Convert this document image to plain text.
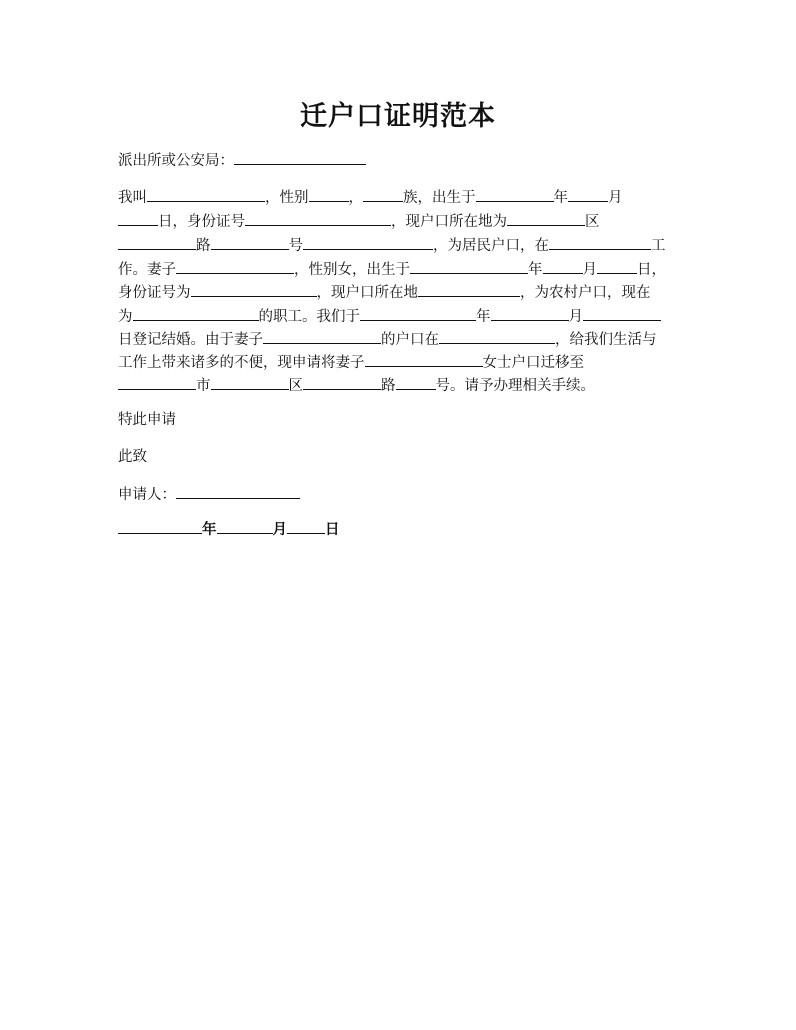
迁户口证明范本
派出所或公安局：
我叫	，性别	，	族，出生于	年	月
日，身份证号	，现户口所在地为	区
路	号	，为居民户口，在	工
作。妻子	，性别女，出生于	年	月	日，
身份证号为	，现户口所在地	，为农村户口，现在
为	的职工。我们于	年	月
日登记结婚。由于妻子	的户口在	，给我们生活与
工作上带来诸多的不便，现申请将妻子	女士户口迁移至
市	区	路	号。请予办理相关手续。
特此申请
此致
申请人：
年	月	日
